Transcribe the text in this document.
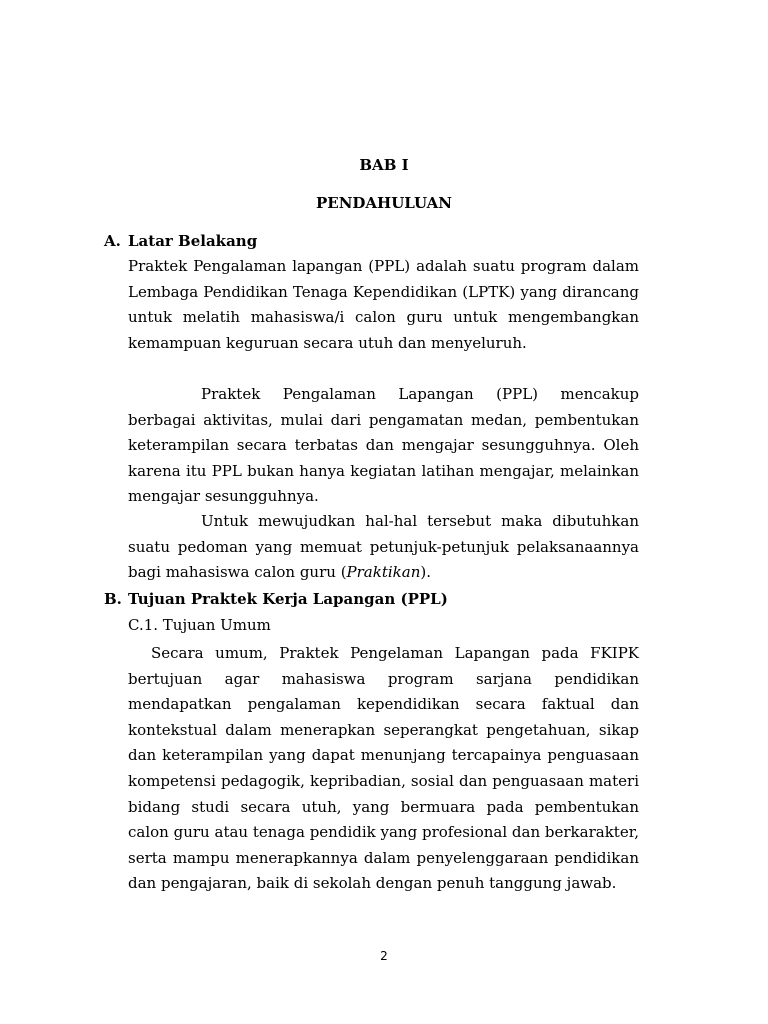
BAB I
PENDAHULUAN
A. Latar Belakang

Praktek Pengalaman lapangan (PPL) adalah suatu program dalam Lembaga Pendidikan Tenaga Kependidikan (LPTK) yang dirancang untuk melatih mahasiswa/i calon guru untuk mengembangkan kemampuan keguruan secara utuh dan menyeluruh.

Praktek Pengalaman Lapangan (PPL) mencakup berbagai aktivitas, mulai dari pengamatan medan, pembentukan keterampilan secara terbatas dan mengajar sesungguhnya. Oleh karena itu PPL bukan hanya kegiatan latihan mengajar, melainkan mengajar sesungguhnya.

Untuk mewujudkan hal-hal tersebut maka dibutuhkan suatu pedoman yang memuat petunjuk-petunjuk pelaksanaannya bagi mahasiswa calon guru (Praktikan).

B. Tujuan Praktek Kerja Lapangan (PPL)
C.1. Tujuan Umum

Secara umum, Praktek Pengelaman Lapangan pada FKIPK bertujuan agar mahasiswa program sarjana pendidikan mendapatkan pengalaman kependidikan secara faktual dan kontekstual dalam menerapkan seperangkat pengetahuan, sikap dan keterampilan yang dapat menunjang tercapainya penguasaan kompetensi pedagogik, kepribadian, sosial dan penguasaan materi bidang studi secara utuh, yang bermuara pada pembentukan calon guru atau tenaga pendidik yang profesional dan berkarakter, serta mampu menerapkannya dalam penyelenggaraan pendidikan dan pengajaran, baik di sekolah dengan penuh tanggung jawab.

2
